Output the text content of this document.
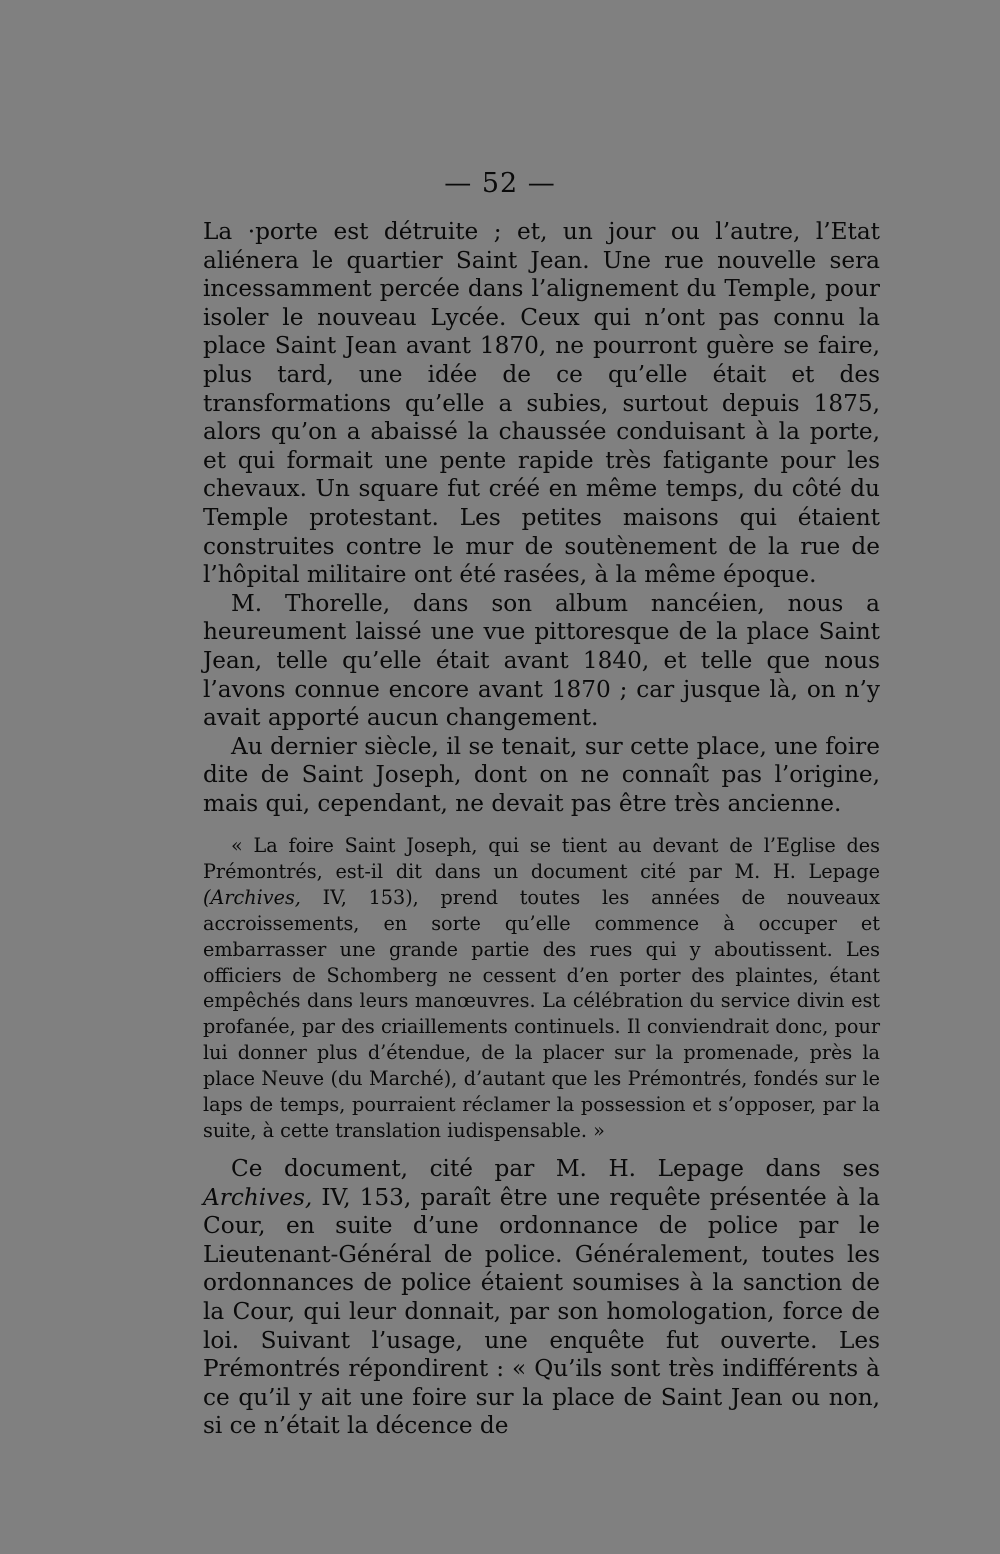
— 52 —

La ·porte est détruite ; et, un jour ou l’autre, l’Etat aliénera le quartier Saint Jean. Une rue nouvelle sera incessamment percée dans l’alignement du Temple, pour isoler le nouveau Lycée. Ceux qui n’ont pas connu la place Saint Jean avant 1870, ne pourront guère se faire, plus tard, une idée de ce qu’elle était et des transformations qu’elle a subies, surtout depuis 1875, alors qu’on a abaissé la chaussée conduisant à la porte, et qui formait une pente rapide très fatigante pour les chevaux. Un square fut créé en même temps, du côté du Temple protestant. Les petites maisons qui étaient construites contre le mur de soutènement de la rue de l’hôpital militaire ont été rasées, à la même époque.

M. Thorelle, dans son album nancéien, nous a heureument laissé une vue pittoresque de la place Saint Jean, telle qu’elle était avant 1840, et telle que nous l’avons connue encore avant 1870 ; car jusque là, on n’y avait apporté aucun changement.

Au dernier siècle, il se tenait, sur cette place, une foire dite de Saint Joseph, dont on ne connaît pas l’origine, mais qui, cependant, ne devait pas être très ancienne.

« La foire Saint Joseph, qui se tient au devant de l’Eglise des Prémontrés, est-il dit dans un document cité par M. H. Lepage (Archives, IV, 153), prend toutes les années de nouveaux accroissements, en sorte qu’elle commence à occuper et embarrasser une grande partie des rues qui y aboutissent. Les officiers de Schomberg ne cessent d’en porter des plaintes, étant empêchés dans leurs manœuvres. La célébration du service divin est profanée, par des criaillements continuels. Il conviendrait donc, pour lui donner plus d’étendue, de la placer sur la promenade, près la place Neuve (du Marché), d’autant que les Prémontrés, fondés sur le laps de temps, pourraient réclamer la possession et s’opposer, par la suite, à cette translation iudispensable. »

Ce document, cité par M. H. Lepage dans ses Archives, IV, 153, paraît être une requête présentée à la Cour, en suite d’une ordonnance de police par le Lieutenant-Général de police. Généralement, toutes les ordonnances de police étaient soumises à la sanction de la Cour, qui leur donnait, par son homologation, force de loi. Suivant l’usage, une enquête fut ouverte. Les Prémontrés répondirent : « Qu’ils sont très indifférents à ce qu’il y ait une foire sur la place de Saint Jean ou non, si ce n’était la décence de
